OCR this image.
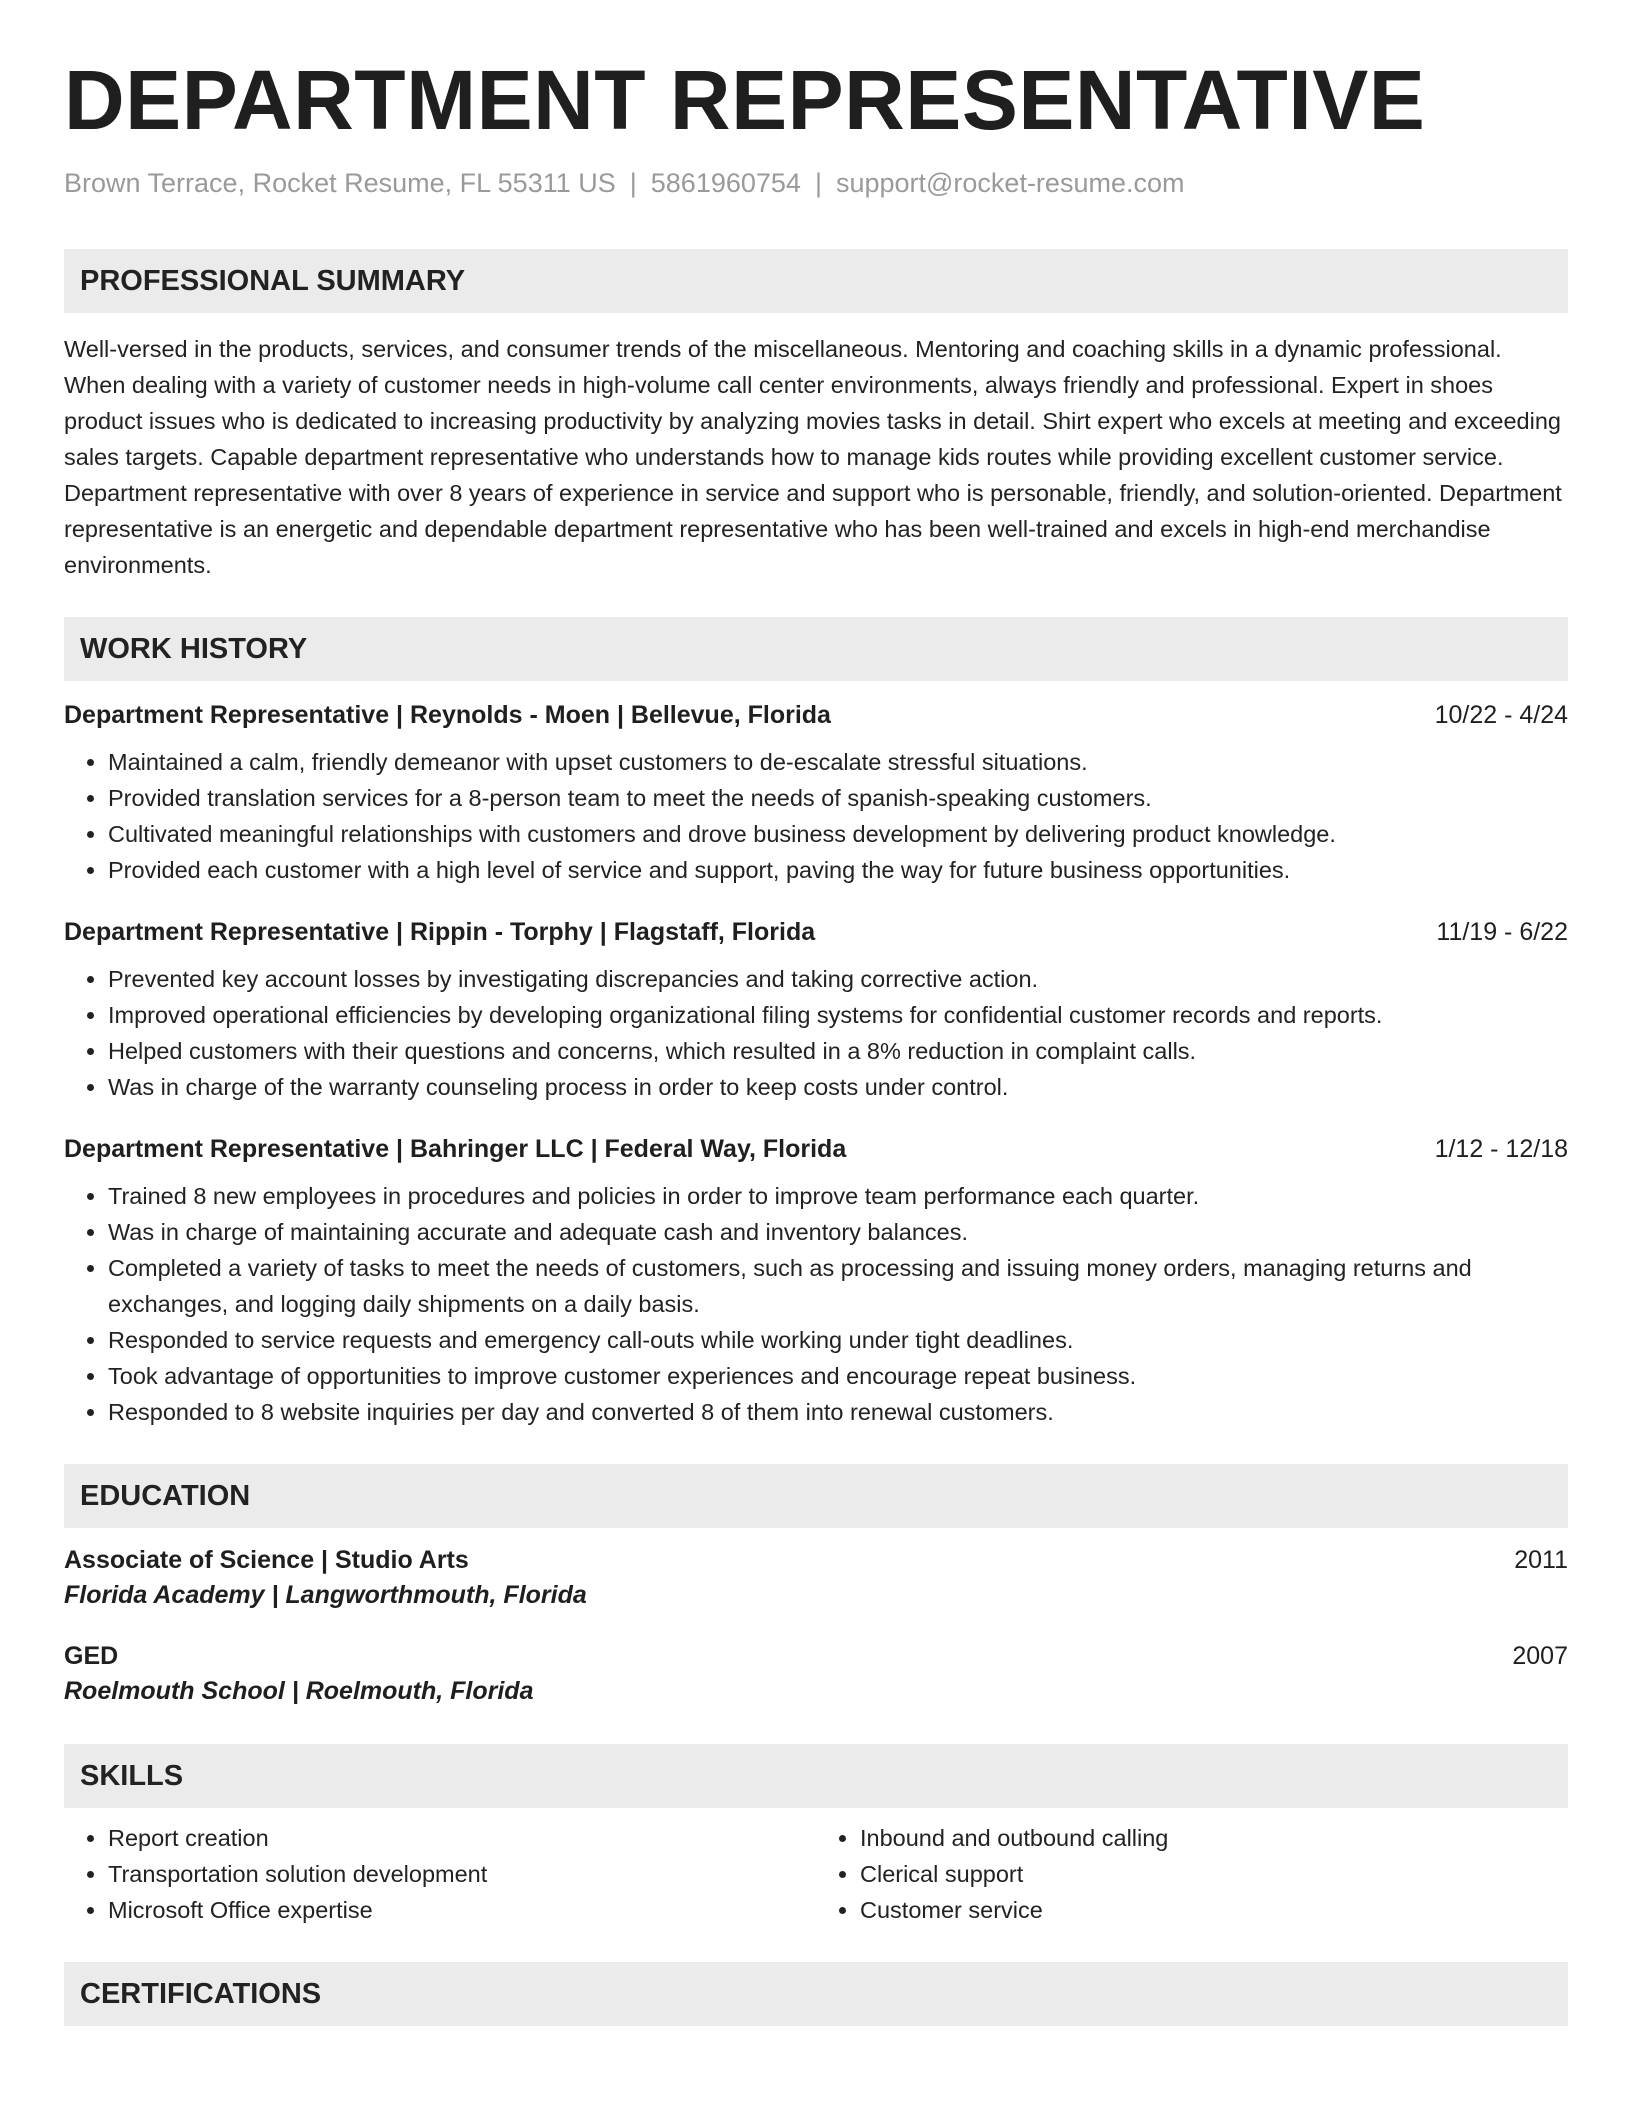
DEPARTMENT REPRESENTATIVE
Brown Terrace, Rocket Resume, FL 55311 US | 5861960754 | support@rocket-resume.com
PROFESSIONAL SUMMARY
Well-versed in the products, services, and consumer trends of the miscellaneous. Mentoring and coaching skills in a dynamic professional. When dealing with a variety of customer needs in high-volume call center environments, always friendly and professional. Expert in shoes product issues who is dedicated to increasing productivity by analyzing movies tasks in detail. Shirt expert who excels at meeting and exceeding sales targets. Capable department representative who understands how to manage kids routes while providing excellent customer service. Department representative with over 8 years of experience in service and support who is personable, friendly, and solution-oriented. Department representative is an energetic and dependable department representative who has been well-trained and excels in high-end merchandise environments.
WORK HISTORY
Department Representative | Reynolds - Moen | Bellevue, Florida	10/22 - 4/24
• Maintained a calm, friendly demeanor with upset customers to de-escalate stressful situations.
• Provided translation services for a 8-person team to meet the needs of spanish-speaking customers.
• Cultivated meaningful relationships with customers and drove business development by delivering product knowledge.
• Provided each customer with a high level of service and support, paving the way for future business opportunities.
Department Representative | Rippin - Torphy | Flagstaff, Florida	11/19 - 6/22
• Prevented key account losses by investigating discrepancies and taking corrective action.
• Improved operational efficiencies by developing organizational filing systems for confidential customer records and reports.
• Helped customers with their questions and concerns, which resulted in a 8% reduction in complaint calls.
• Was in charge of the warranty counseling process in order to keep costs under control.
Department Representative | Bahringer LLC | Federal Way, Florida	1/12 - 12/18
• Trained 8 new employees in procedures and policies in order to improve team performance each quarter.
• Was in charge of maintaining accurate and adequate cash and inventory balances.
• Completed a variety of tasks to meet the needs of customers, such as processing and issuing money orders, managing returns and exchanges, and logging daily shipments on a daily basis.
• Responded to service requests and emergency call-outs while working under tight deadlines.
• Took advantage of opportunities to improve customer experiences and encourage repeat business.
• Responded to 8 website inquiries per day and converted 8 of them into renewal customers.
EDUCATION
Associate of Science | Studio Arts	2011
Florida Academy | Langworthmouth, Florida
GED	2007
Roelmouth School | Roelmouth, Florida
SKILLS
• Report creation
• Transportation solution development
• Microsoft Office expertise
• Inbound and outbound calling
• Clerical support
• Customer service
CERTIFICATIONS
